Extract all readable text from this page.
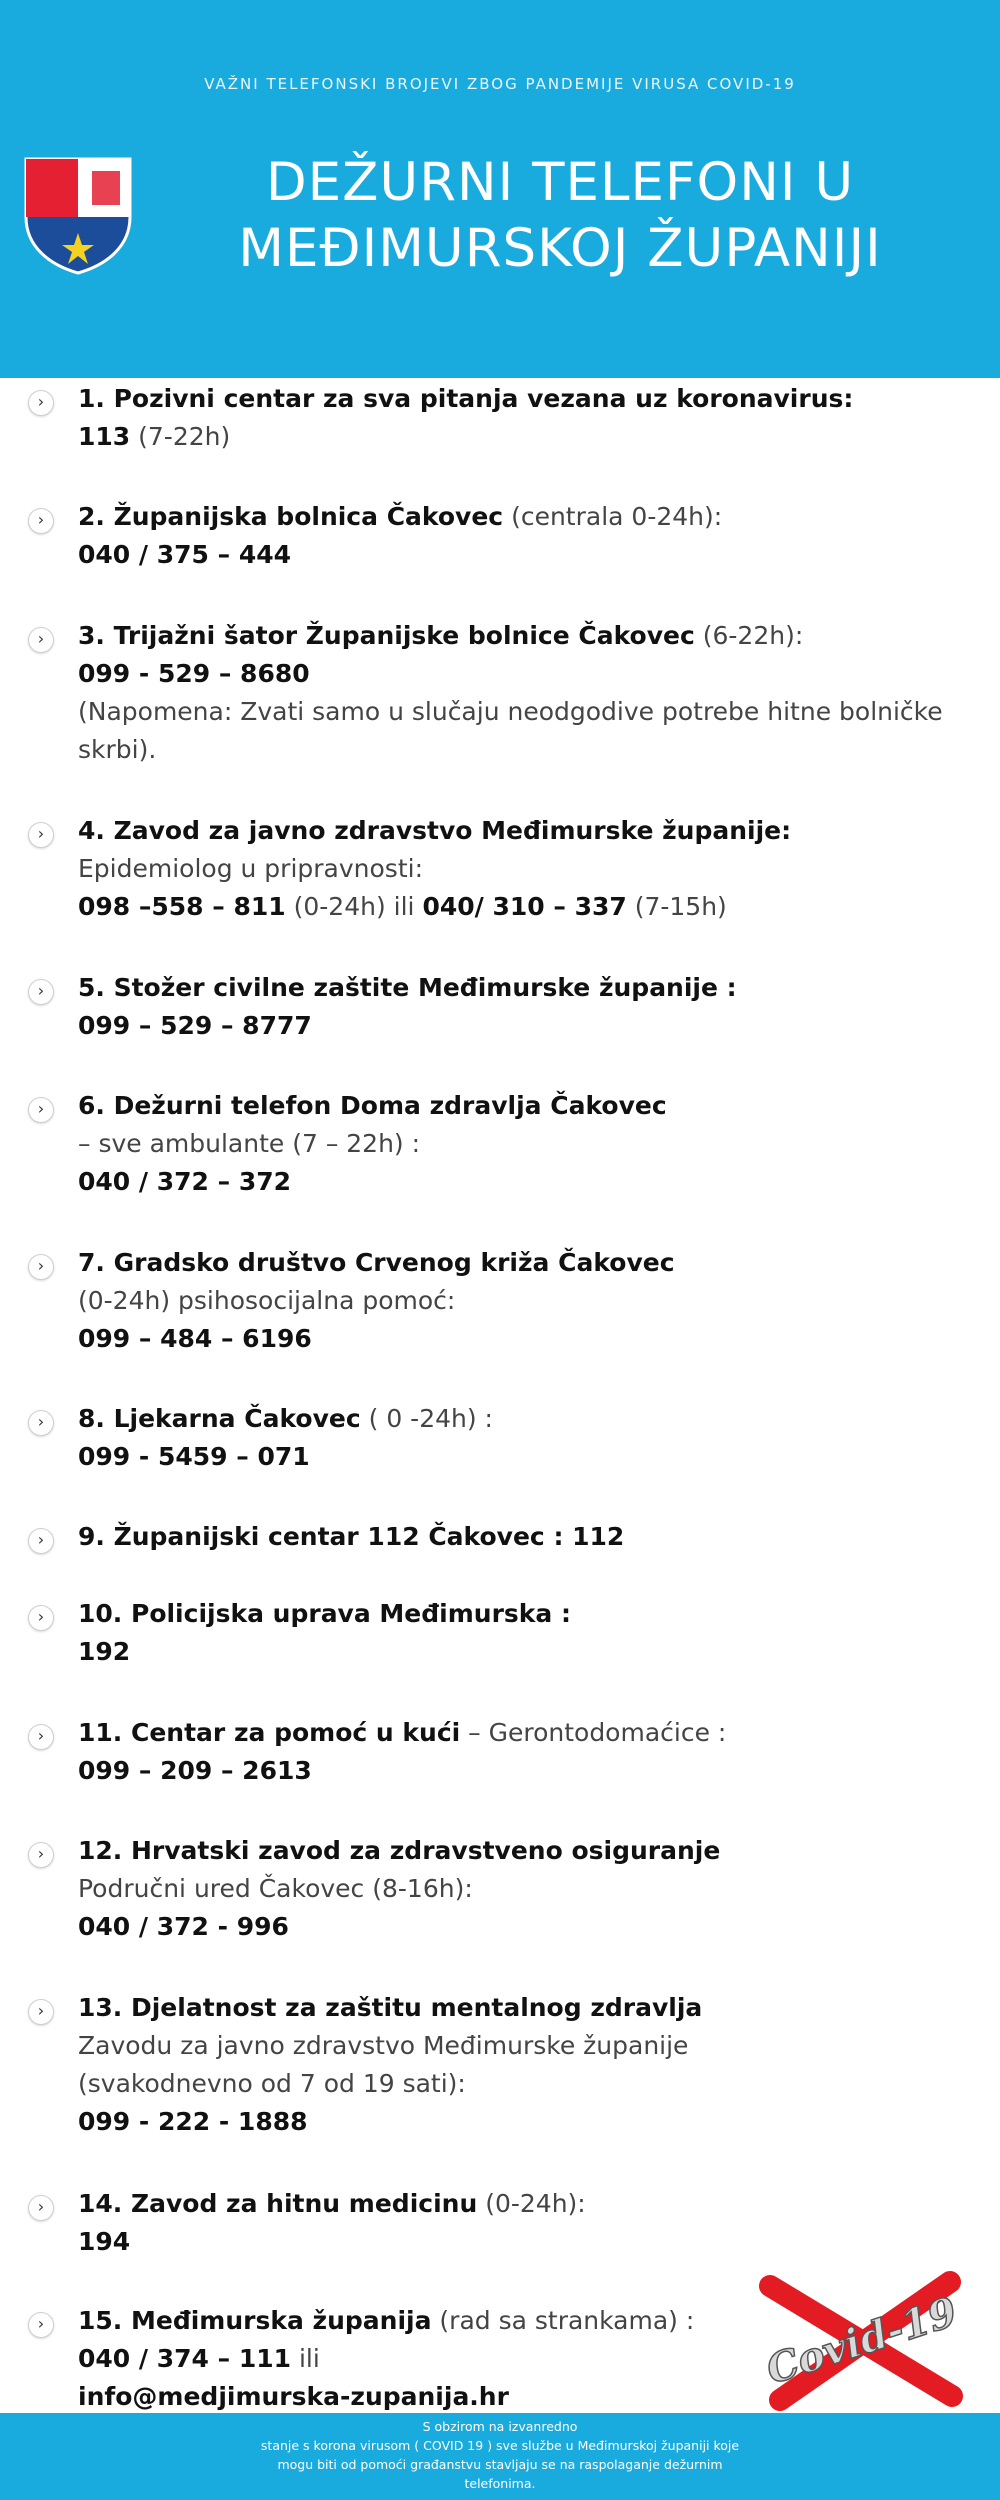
VAŽNI TELEFONSKI BROJEVI ZBOG PANDEMIJE VIRUSA COVID-19
DEŽURNI TELEFONI U
MEĐIMURSKOJ ŽUPANIJI
›	1. Pozivni centar za sva pitanja vezana uz koronavirus:
113 (7-22h)
›	2. Županijska bolnica Čakovec (centrala 0-24h):
040 / 375 – 444
›	3. Trijažni šator Županijske bolnice Čakovec (6-22h):
099 - 529 – 8680
(Napomena: Zvati samo u slučaju neodgodive potrebe hitne bolničke skrbi).
›	4. Zavod za javno zdravstvo Međimurske županije:
Epidemiolog u pripravnosti:
098 –558 – 811 (0-24h) ili 040/ 310 – 337 (7-15h)
›	5. Stožer civilne zaštite Međimurske županije :
099 – 529 – 8777
›	6. Dežurni telefon Doma zdravlja Čakovec
– sve ambulante (7 – 22h) :
040 / 372 – 372
›	7. Gradsko društvo Crvenog križa Čakovec
(0-24h) psihosocijalna pomoć:
099 – 484 – 6196
›	8. Ljekarna Čakovec ( 0 -24h) :
099 - 5459 – 071
›	9. Županijski centar 112 Čakovec : 112
›	10. Policijska uprava Međimurska :
192
›	11. Centar za pomoć u kući – Gerontodomaćice :
099 – 209 – 2613
›	12. Hrvatski zavod za zdravstveno osiguranje
Područni ured Čakovec (8-16h):
040 / 372 - 996
›	13. Djelatnost za zaštitu mentalnog zdravlja
Zavodu za javno zdravstvo Međimurske županije
(svakodnevno od 7 od 19 sati):
099 - 222 - 1888
›	14. Zavod za hitnu medicinu (0-24h):
194
›	15. Međimurska županija (rad sa strankama) :
040 / 374 – 111 ili
info@medjimurska-zupanija.hr
Covid-19
S obzirom na izvanredno
stanje s korona virusom ( COVID 19 ) sve službe u Međimurskoj županiji koje
mogu biti od pomoći građanstvu stavljaju se na raspolaganje dežurnim
telefonima.
